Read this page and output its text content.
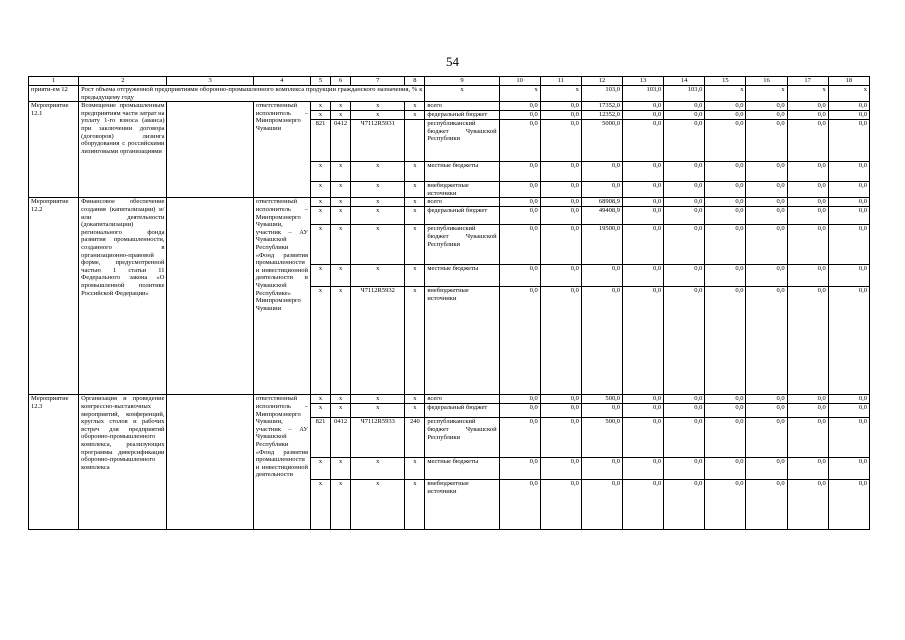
54
1	2	3	4	5	6	7	8	9	10	11	12	13	14	15	16	17	18
прияти-ем 12	Рост объема отгруженной предприятиями оборонно-промышленного комплекса продукции гражданского назначения, % к предыдущему году							x	x	x	103,0	103,0	103,0	x	x	x	x
Мероприятие 12.1	Возмещение промышленным предприятиям части затрат на уплату 1-го взноса (аванса) при заключении договора (договоров) лизинга оборудования с российскими лизинговыми организациями		ответственный исполнитель – Минпромэнерго Чувашии	x	x	x	x	всего	0,0	0,0	17352,0	0,0	0,0	0,0	0,0	0,0	0,0
				x	x	x	x	федеральный бюджет	0,0	0,0	12352,0	0,0	0,0	0,0	0,0	0,0	0,0
				821	0412	Ч7112R5931		республиканский бюджет Чувашской Республики	0,0	0,0	5000,0	0,0	0,0	0,0	0,0	0,0	0,0
				x	x	x	x	местные бюджеты	0,0	0,0	0,0	0,0	0,0	0,0	0,0	0,0	0,0
				x	x	x	x	внебюджетные источники	0,0	0,0	0,0	0,0	0,0	0,0	0,0	0,0	0,0
Мероприятие 12.2	Финансовое обеспечение создания (капитализации) и/или деятельности (докапитализации) регионального фонда развития промышленности, созданного в организационно-правовой форме, предусмотренной частью 1 статьи 11 Федерального закона «О промышленной политике Российской Федерации»		ответственный исполнитель – Минпромэнерго Чувашии, участник – АУ Чувашской Республики «Фонд развития промышленности и инвестиционной деятельности в Чувашской Республике» Минпромэнерго Чувашии	x	x	x	x	всего	0,0	0,0	68908,9	0,0	0,0	0,0	0,0	0,0	0,0
				x	x	x	x	федеральный бюджет	0,0	0,0	49408,9	0,0	0,0	0,0	0,0	0,0	0,0
				x	x	x	x	республиканский бюджет Чувашской Республики	0,0	0,0	19500,0	0,0	0,0	0,0	0,0	0,0	0,0
				x	x	x	x	местные бюджеты	0,0	0,0	0,0	0,0	0,0	0,0	0,0	0,0	0,0
				x	x	Ч7112R5932	x	внебюджетные источники	0,0	0,0	0,0	0,0	0,0	0,0	0,0	0,0	0,0
Мероприятие 12.3	Организация и проведение конгрессно-выставочных мероприятий, конференций, круглых столов и рабочих встреч для предприятий оборонно-промышленного комплекса, реализующих программы диверсификации оборонно-промышленного комплекса		ответственный исполнитель – Минпромэнерго Чувашии, участник – АУ Чувашской Республики «Фонд развития промышленности и инвестиционной деятельности	x	x	x	x	всего	0,0	0,0	500,0	0,0	0,0	0,0	0,0	0,0	0,0
				x	x	x	x	федеральный бюджет	0,0	0,0	0,0	0,0	0,0	0,0	0,0	0,0	0,0
				821	0412	Ч7112R5933	240	республиканский бюджет Чувашской Республики	0,0	0,0	500,0	0,0	0,0	0,0	0,0	0,0	0,0
				x	x	x	x	местные бюджеты	0,0	0,0	0,0	0,0	0,0	0,0	0,0	0,0	0,0
				x	x	x	x	внебюджетные источники	0,0	0,0	0,0	0,0	0,0	0,0	0,0	0,0	0,0
